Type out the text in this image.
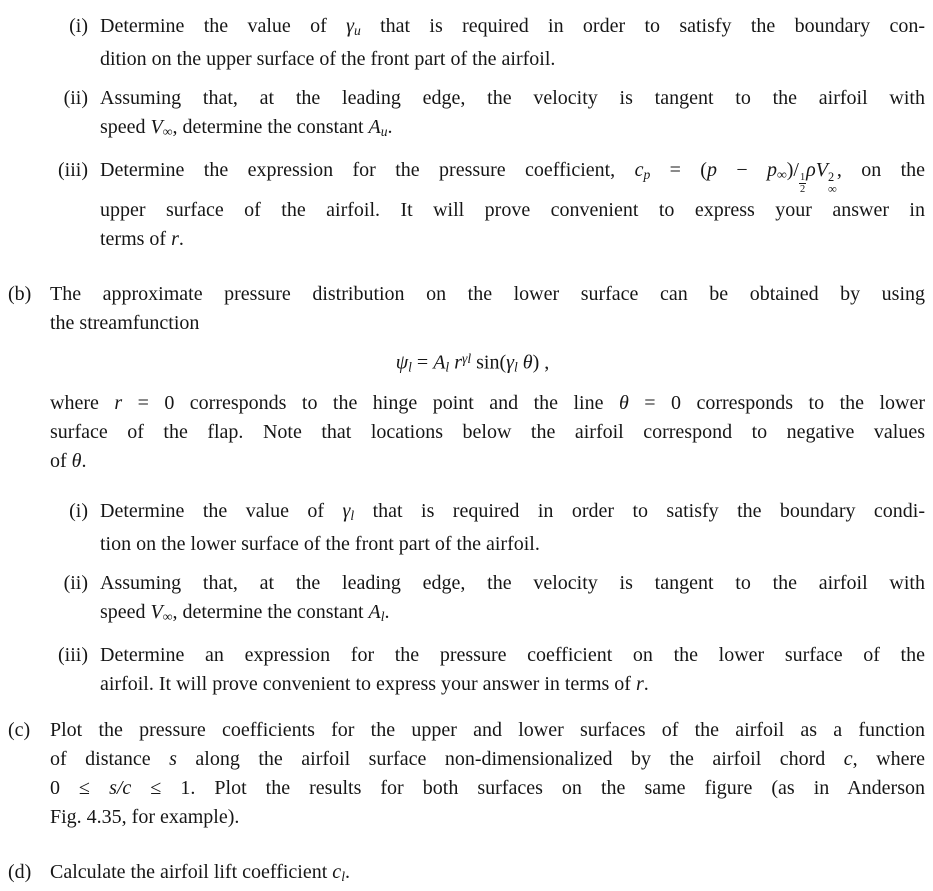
(i) Determine the value of γu that is required in order to satisfy the boundary con-
dition on the upper surface of the front part of the airfoil.
(ii) Assuming that, at the leading edge, the velocity is tangent to the airfoil with
speed V∞, determine the constant Au.
(iii) Determine the expression for the pressure coefficient, cp = (p − p∞)/
$\frac{1}{2}$
ρV 2
∞
, on the
upper surface of the airfoil. It will prove convenient to express your answer in
terms of r.
(b) The approximate pressure distribution on the lower surface can be obtained by using
the streamfunction
ψl = Al $r^{\gamma l}$ sin(γl θ) ,
where r = 0 corresponds to the hinge point and the line θ = 0 corresponds to the lower
surface of the flap. Note that locations below the airfoil correspond to negative values
of θ.
(i) Determine the value of γl that is required in order to satisfy the boundary condi-
tion on the lower surface of the front part of the airfoil.
(ii) Assuming that, at the leading edge, the velocity is tangent to the airfoil with
speed V∞, determine the constant Al.
(iii) Determine an expression for the pressure coefficient on the lower surface of the
airfoil. It will prove convenient to express your answer in terms of r.
(c) Plot the pressure coefficients for the upper and lower surfaces of the airfoil as a function
of distance s along the airfoil surface non-dimensionalized by the airfoil chord c, where
0 ≤ s/c ≤ 1. Plot the results for both surfaces on the same figure (as in Anderson
Fig. 4.35, for example).
(d) Calculate the airfoil lift coefficient cl.
